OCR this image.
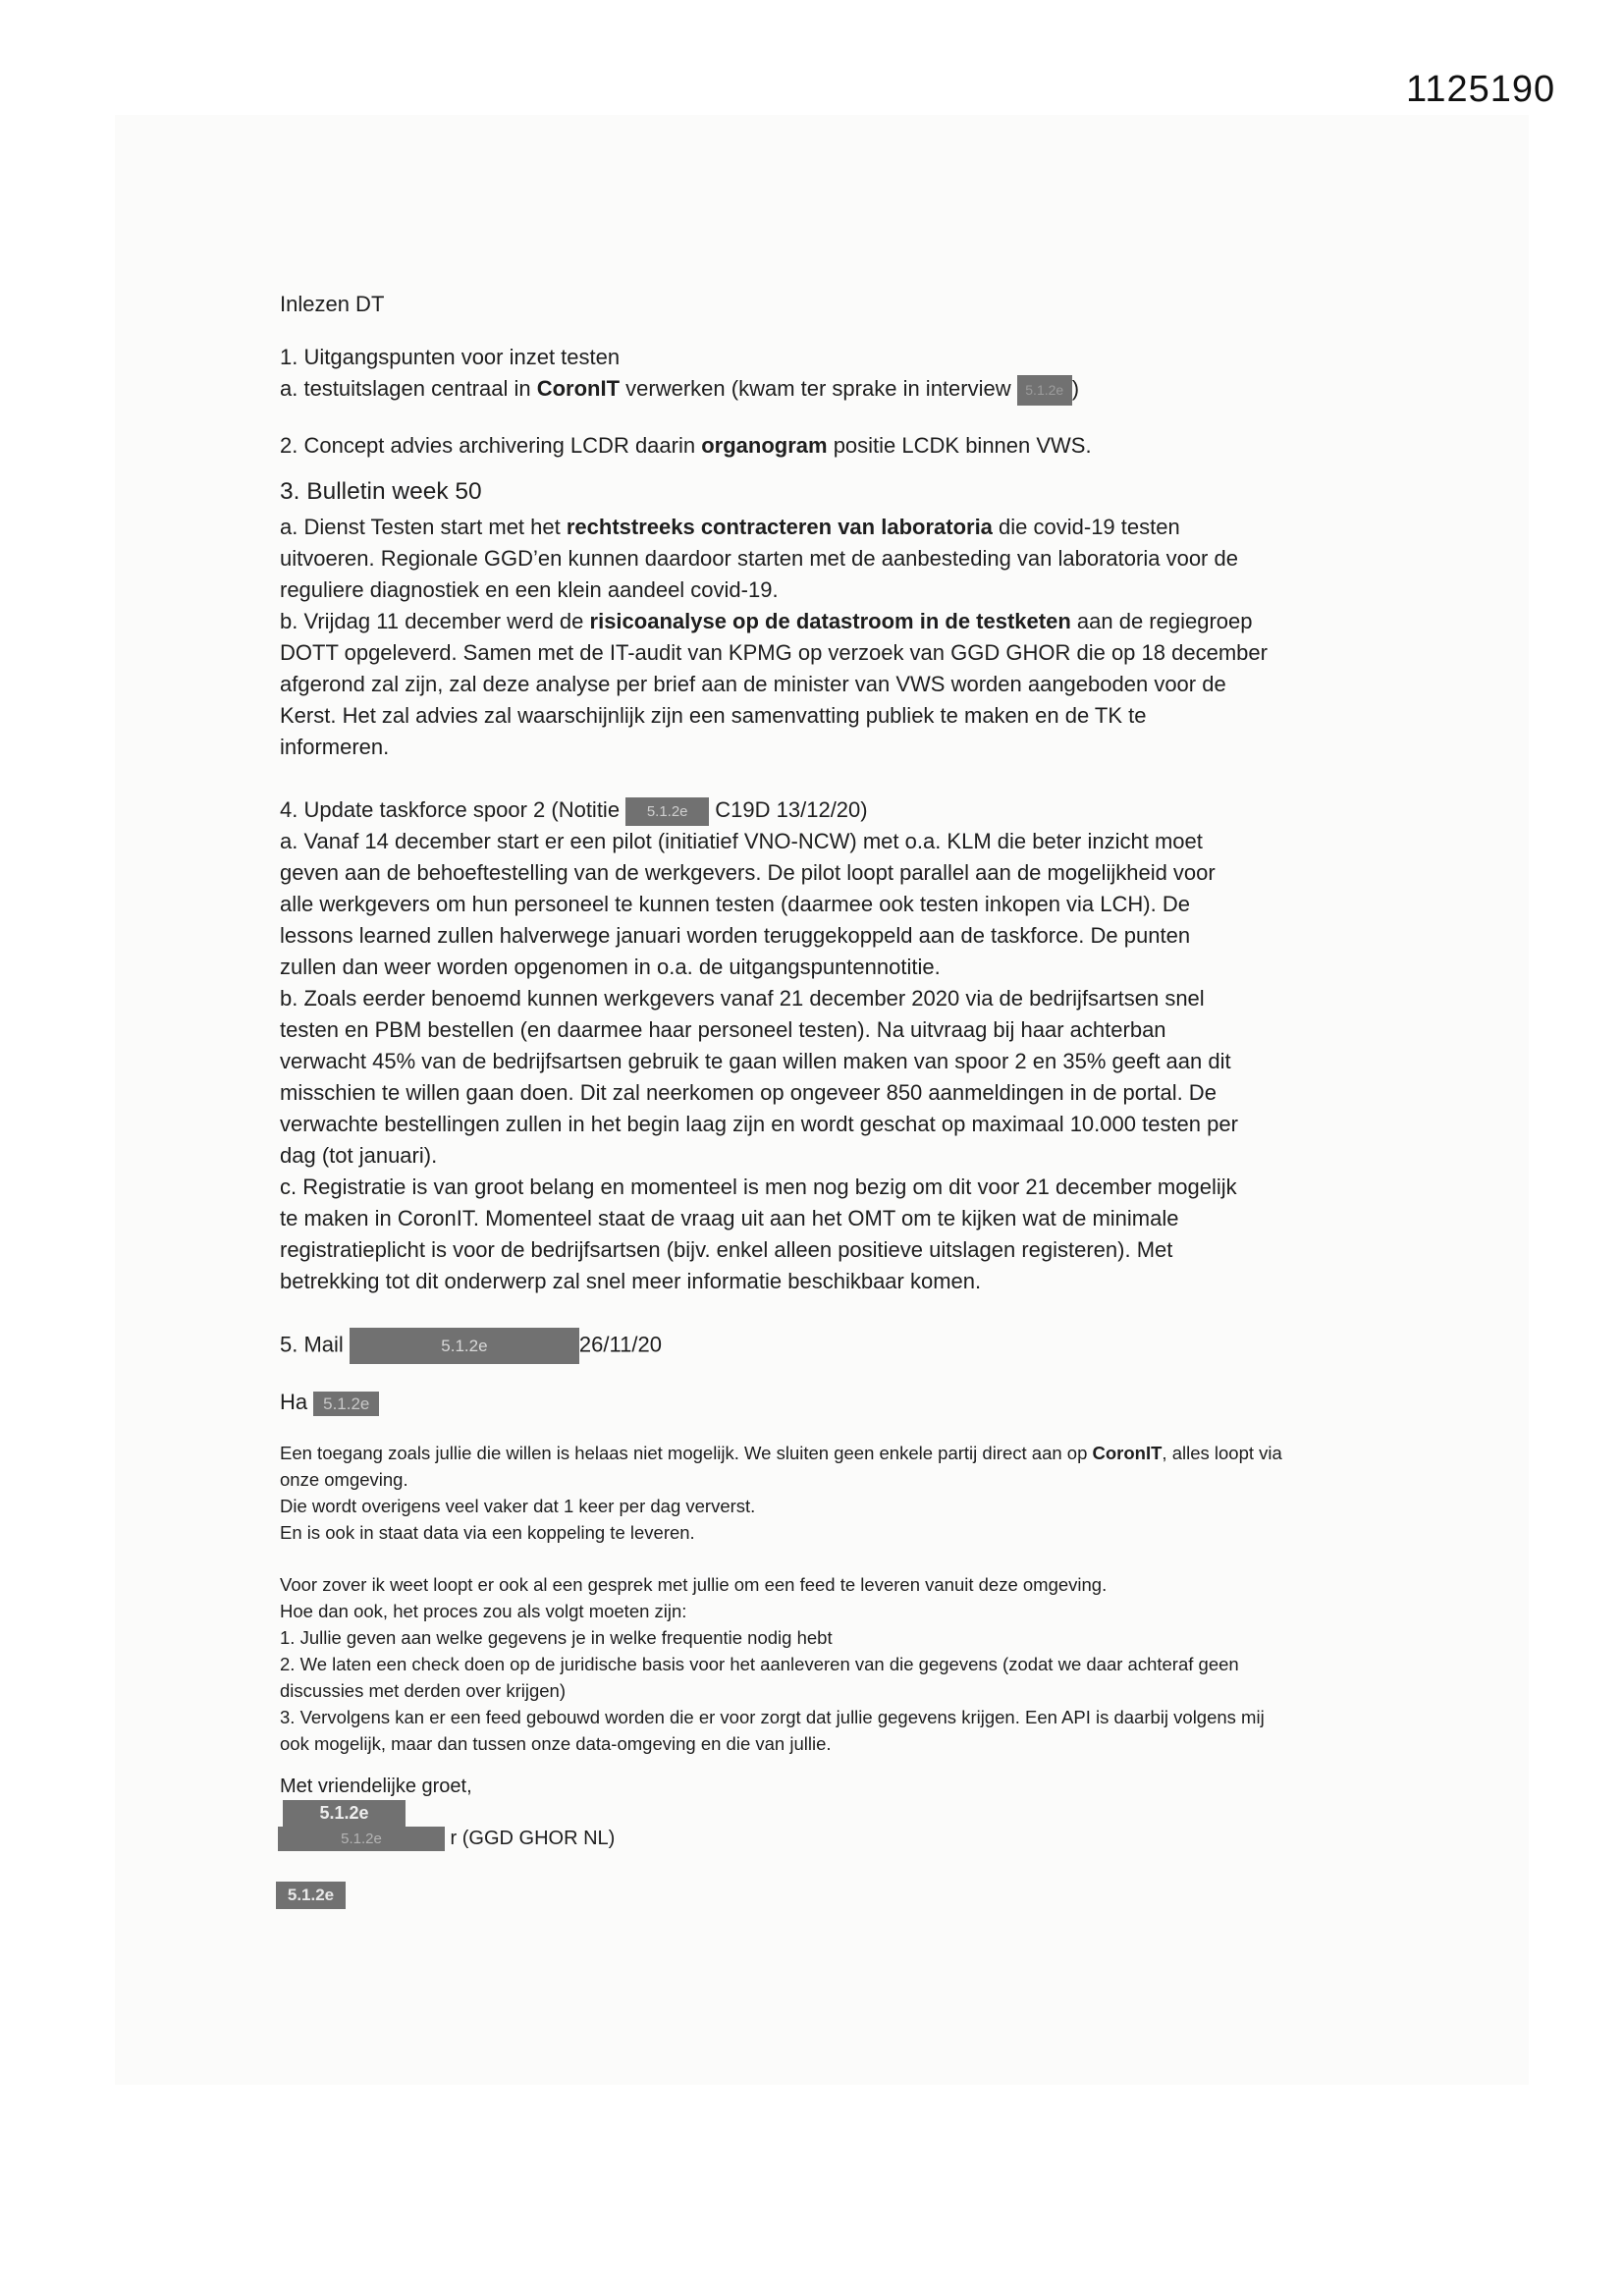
1125190
Inlezen DT
1. Uitgangspunten voor inzet testen
a. testuitslagen centraal in CoronIT verwerken (kwam ter sprake in interview 5.1.2e )
2. Concept advies archivering LCDR daarin organogram positie LCDK binnen VWS.
3. Bulletin week 50
a. Dienst Testen start met het rechtstreeks contracteren van laboratoria die covid-19 testen
uitvoeren. Regionale GGD’en kunnen daardoor starten met de aanbesteding van laboratoria voor de
reguliere diagnostiek en een klein aandeel covid-19.
b. Vrijdag 11 december werd de risicoanalyse op de datastroom in de testketen aan de regiegroep
DOTT opgeleverd. Samen met de IT-audit van KPMG op verzoek van GGD GHOR die op 18 december
afgerond zal zijn, zal deze analyse per brief aan de minister van VWS worden aangeboden voor de
Kerst. Het zal advies zal waarschijnlijk zijn een samenvatting publiek te maken en de TK te
informeren.
4. Update taskforce spoor 2 (Notitie 5.1.2e C19D 13/12/20)
a. Vanaf 14 december start er een pilot (initiatief VNO-NCW) met o.a. KLM die beter inzicht moet
geven aan de behoeftestelling van de werkgevers. De pilot loopt parallel aan de mogelijkheid voor
alle werkgevers om hun personeel te kunnen testen (daarmee ook testen inkopen via LCH). De
lessons learned zullen halverwege januari worden teruggekoppeld aan de taskforce. De punten
zullen dan weer worden opgenomen in o.a. de uitgangspuntennotitie.
b. Zoals eerder benoemd kunnen werkgevers vanaf 21 december 2020 via de bedrijfsartsen snel
testen en PBM bestellen (en daarmee haar personeel testen). Na uitvraag bij haar achterban
verwacht 45% van de bedrijfsartsen gebruik te gaan willen maken van spoor 2 en 35% geeft aan dit
misschien te willen gaan doen. Dit zal neerkomen op ongeveer 850 aanmeldingen in de portal. De
verwachte bestellingen zullen in het begin laag zijn en wordt geschat op maximaal 10.000 testen per
dag (tot januari).
c. Registratie is van groot belang en momenteel is men nog bezig om dit voor 21 december mogelijk
te maken in CoronIT. Momenteel staat de vraag uit aan het OMT om te kijken wat de minimale
registratieplicht is voor de bedrijfsartsen (bijv. enkel alleen positieve uitslagen registeren). Met
betrekking tot dit onderwerp zal snel meer informatie beschikbaar komen.
5. Mail	5.1.2e	26/11/20
Ha 5.1.2e
Een toegang zoals jullie die willen is helaas niet mogelijk. We sluiten geen enkele partij direct aan op CoronIT, alles loopt via
onze omgeving.
Die wordt overigens veel vaker dat 1 keer per dag ververst.
En is ook in staat data via een koppeling te leveren.
Voor zover ik weet loopt er ook al een gesprek met jullie om een feed te leveren vanuit deze omgeving.
Hoe dan ook, het proces zou als volgt moeten zijn:
1. Jullie geven aan welke gegevens je in welke frequentie nodig hebt
2. We laten een check doen op de juridische basis voor het aanleveren van die gegevens (zodat we daar achteraf geen
discussies met derden over krijgen)
3. Vervolgens kan er een feed gebouwd worden die er voor zorgt dat jullie gegevens krijgen. Een API is daarbij volgens mij
ook mogelijk, maar dan tussen onze data-omgeving en die van jullie.
Met vriendelijke groet,
5.1.2e
5.1.2e	r (GGD GHOR NL)
5.1.2e
